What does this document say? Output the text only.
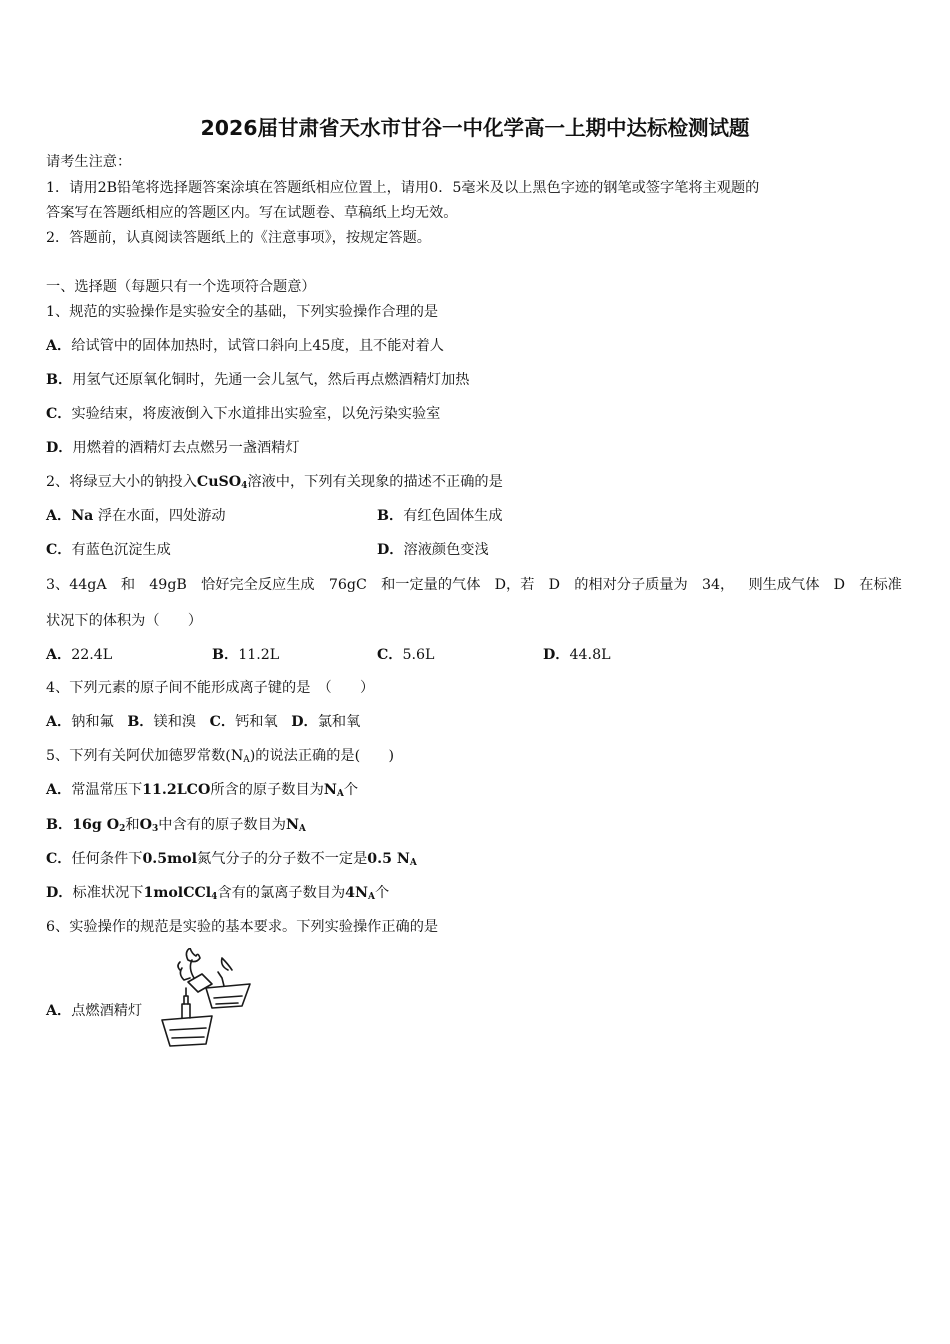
2026届甘肃省天水市甘谷一中化学高一上期中达标检测试题
请考生注意：
1．请用2B铅笔将选择题答案涂填在答题纸相应位置上，请用0．5毫米及以上黑色字迹的钢笔或签字笔将主观题的
答案写在答题纸相应的答题区内。写在试题卷、草稿纸上均无效。
2．答题前，认真阅读答题纸上的《注意事项》，按规定答题。
一、选择题（每题只有一个选项符合题意）
1、规范的实验操作是实验安全的基础，下列实验操作合理的是
A．给试管中的固体加热时，试管口斜向上45度，且不能对着人
B．用氢气还原氧化铜时，先通一会儿氢气，然后再点燃酒精灯加热
C．实验结束，将废液倒入下水道排出实验室，以免污染实验室
D．用燃着的酒精灯去点燃另一盏酒精灯
2、将绿豆大小的钠投入CuSO$_4$溶液中，下列有关现象的描述不正确的是
A．Na 浮在水面，四处游动	B．有红色固体生成
C．有蓝色沉淀生成	D．溶液颜色变浅
3、44gA 和 49gB 恰好完全反应生成 76gC 和一定量的气体 D，若 D 的相对分子质量为 34， 则生成气体 D 在标准
状况下的体积为（　　）
A．22.4L	B．11.2L	C．5.6L	D．44.8L
4、下列元素的原子间不能形成离子键的是　（　　）
A．钠和氟 B．镁和溴 C．钙和氧 D．氯和氧
5、下列有关阿伏加德罗常数$(N_A)$的说法正确的是(　　)
A．常温常压下11.2LCO所含的原子数目为$N_A$个
B．16g $O_2$和$O_3$中含有的原子数目为$N_A$
C．任何条件下0.5mol氮气分子的分子数不一定是0.5 $N_A$
D．标准状况下1molCCl$_4$含有的氯离子数目为$4N_A$个
6、实验操作的规范是实验的基本要求。下列实验操作正确的是
A．点燃酒精灯
